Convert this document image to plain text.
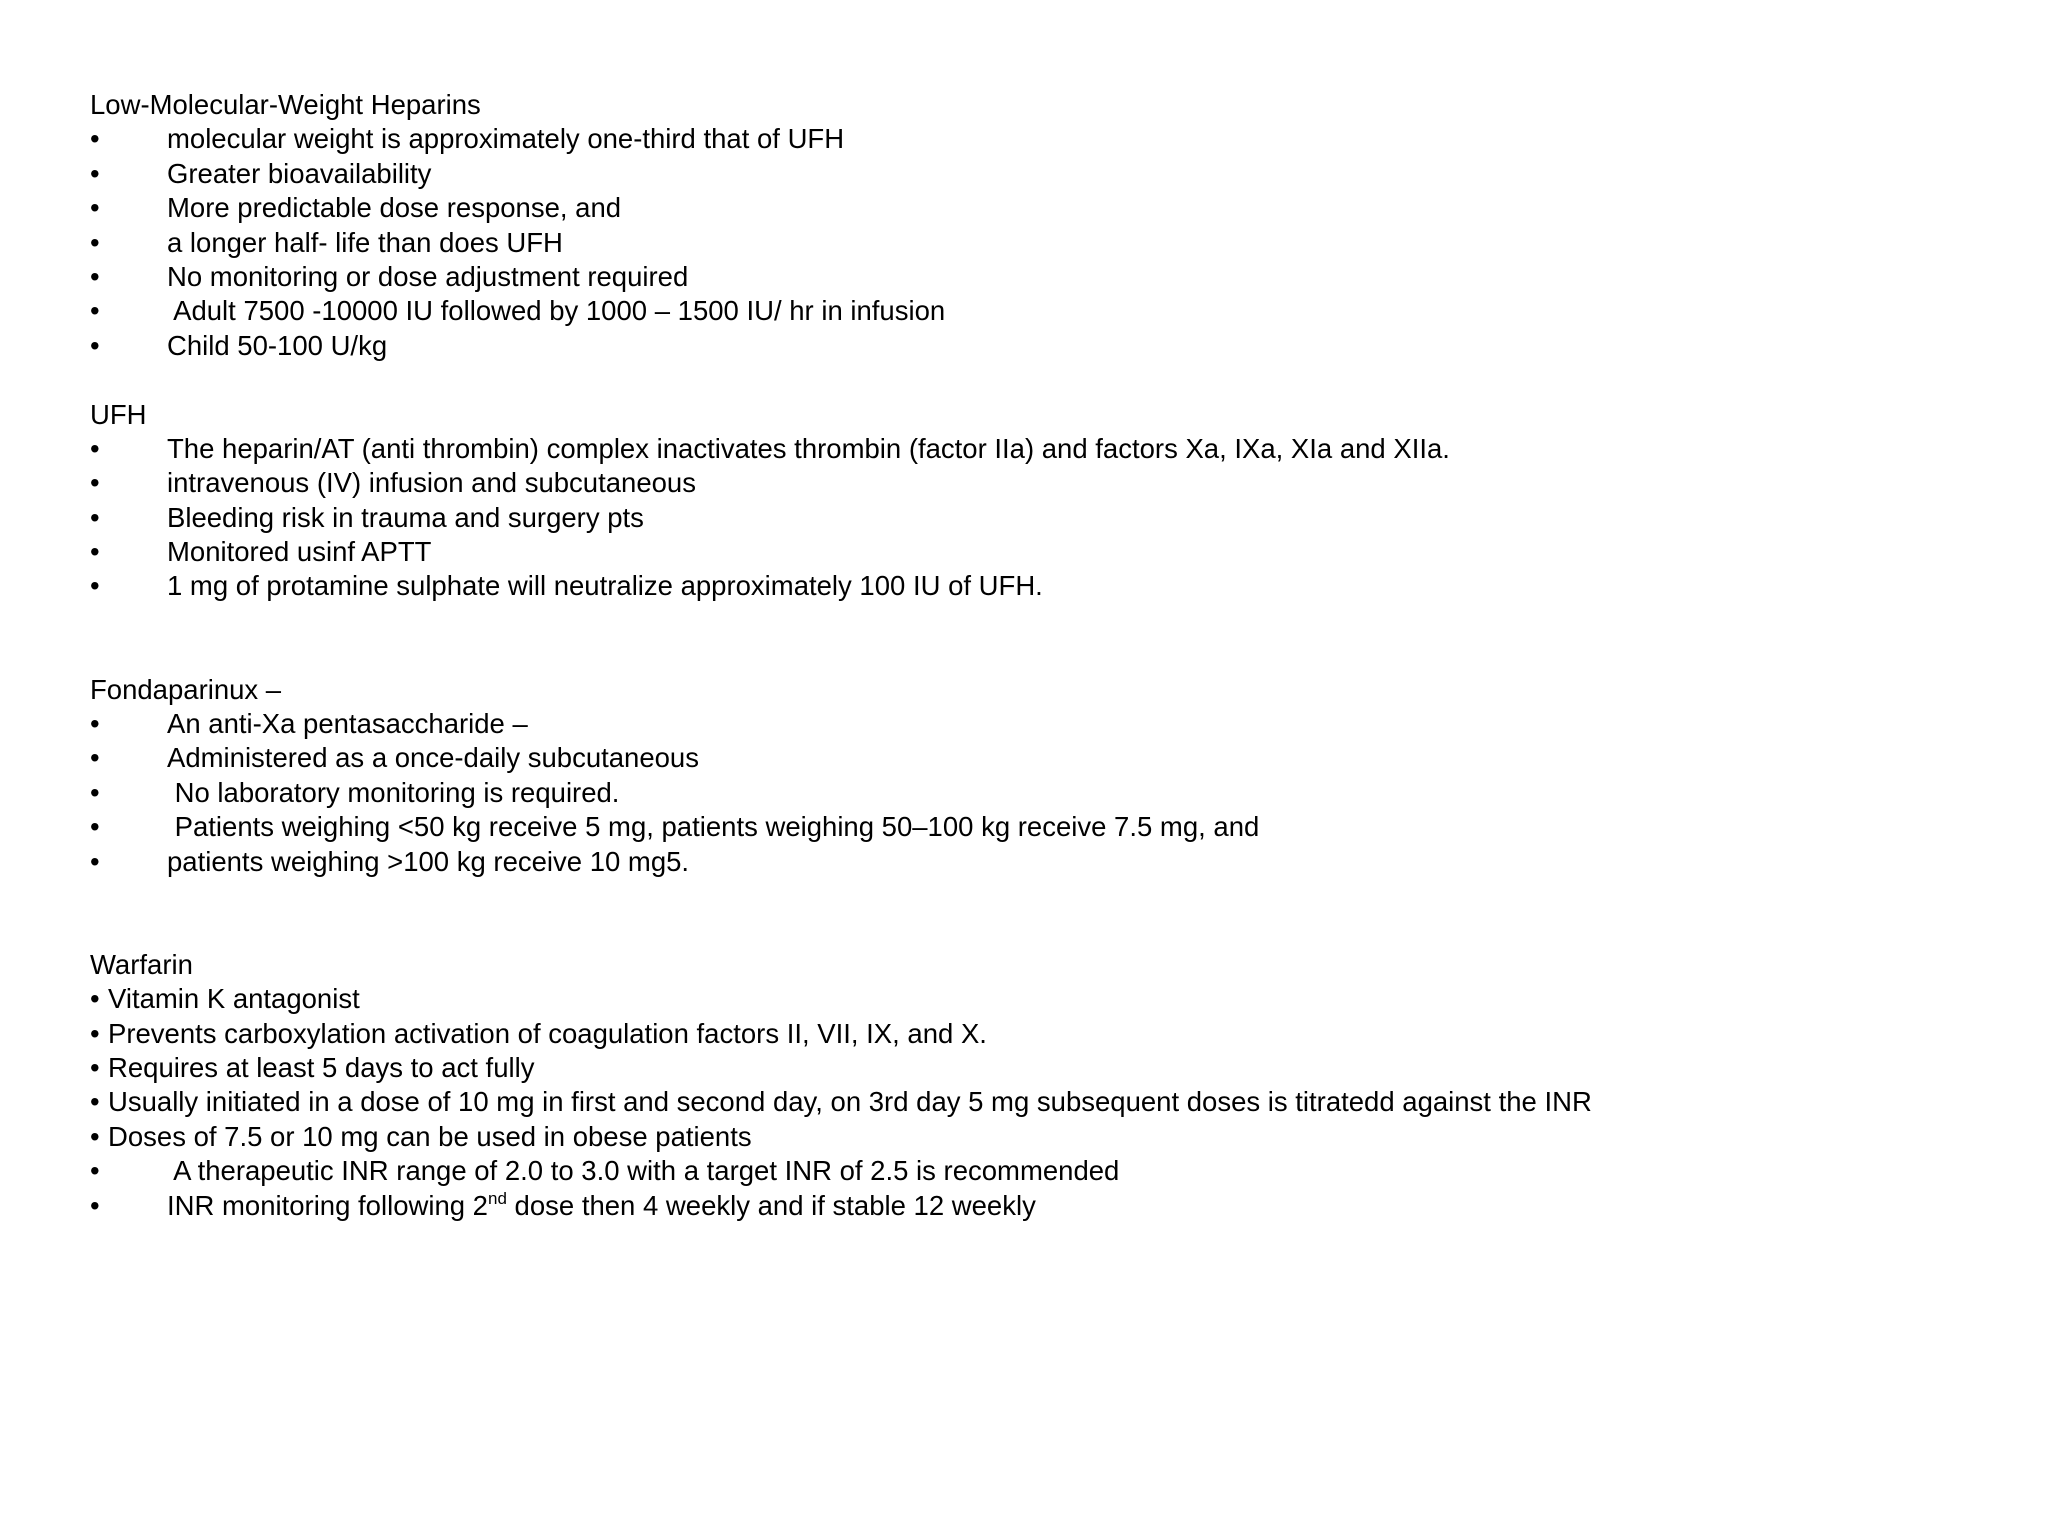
Low-Molecular-Weight Heparins
• molecular weight is approximately one-third that of UFH
• Greater bioavailability
• More predictable dose response, and
• a longer half- life than does UFH
• No monitoring or dose adjustment required
• Adult 7500 -10000 IU followed by 1000 – 1500 IU/ hr in infusion
• Child 50-100 U/kg
UFH
• The heparin/AT (anti thrombin) complex inactivates thrombin (factor IIa) and factors Xa, IXa, XIa and XIIa.
• intravenous (IV) infusion and subcutaneous
• Bleeding risk in trauma and surgery pts
• Monitored usinf APTT
• 1 mg of protamine sulphate will neutralize approximately 100 IU of UFH.
Fondaparinux –
• An anti-Xa pentasaccharide –
• Administered as a once-daily subcutaneous
• No laboratory monitoring is required.
• Patients weighing <50 kg receive 5 mg, patients weighing 50–100 kg receive 7.5 mg, and
• patients weighing >100 kg receive 10 mg5.
Warfarin
• Vitamin K antagonist
• Prevents carboxylation activation of coagulation factors II, VII, IX, and X.
• Requires at least 5 days to act fully
• Usually initiated in a dose of 10 mg in first and second day, on 3rd day 5 mg subsequent doses is titratedd against the INR
• Doses of 7.5 or 10 mg can be used in obese patients
• A therapeutic INR range of 2.0 to 3.0 with a target INR of 2.5 is recommended
• INR monitoring following 2nd dose then 4 weekly and if stable 12 weekly
